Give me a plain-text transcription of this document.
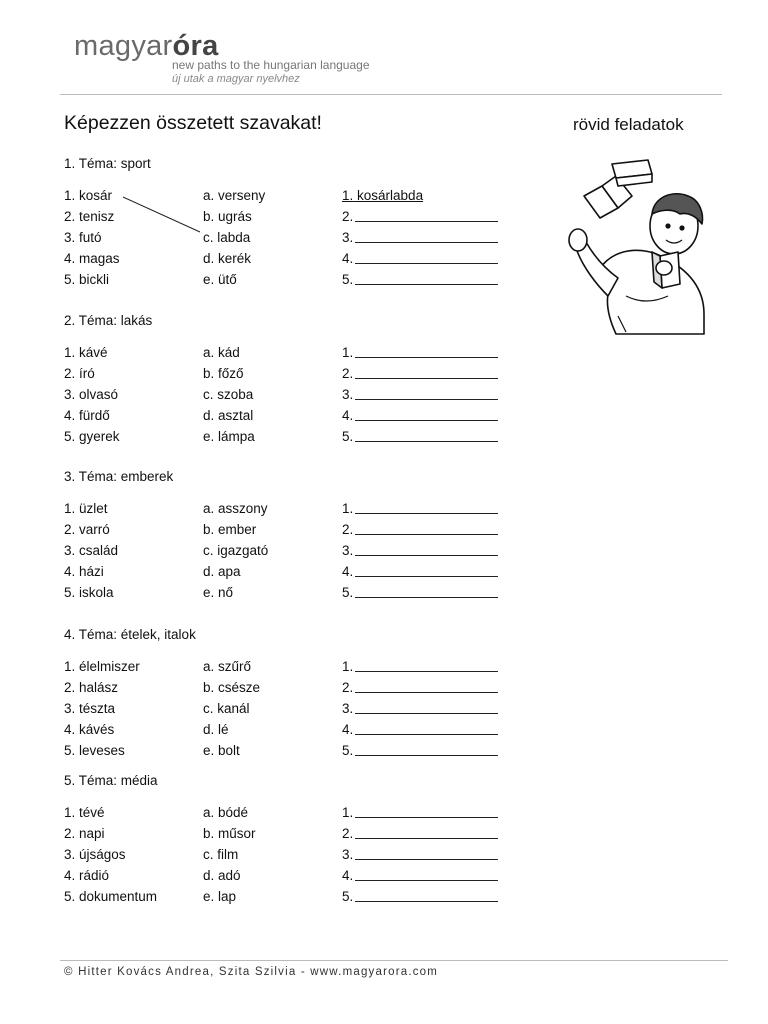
magyaróra
new paths to the hungarian language
új utak a magyar nyelvhez
Képezzen összetett szavakat!	rövid feladatok
1. Téma: sport
1. kosár	a. verseny	1. kosárlabda
2. tenisz	b. ugrás	2.
3. futó	c. labda	3.
4. magas	d. kerék	4.
5. bickli	e. ütő	5.
2. Téma: lakás
1. kávé	a. kád	1.
2. író	b. főző	2.
3. olvasó	c. szoba	3.
4. fürdő	d. asztal	4.
5. gyerek	e. lámpa	5.
3. Téma: emberek
1. üzlet	a. asszony	1.
2. varró	b. ember	2.
3. család	c. igazgató	3.
4. házi	d. apa	4.
5. iskola	e. nő	5.
4. Téma: ételek, italok
1. élelmiszer	a. szűrő	1.
2. halász	b. csésze	2.
3. tészta	c. kanál	3.
4. kávés	d. lé	4.
5. leveses	e. bolt	5.
5. Téma: média
1. tévé	a. bódé	1.
2. napi	b. műsor	2.
3. újságos	c. film	3.
4. rádió	d. adó	4.
5. dokumentum	e. lap	5.
© Hitter Kovács Andrea, Szita Szilvia - www.magyarora.com
